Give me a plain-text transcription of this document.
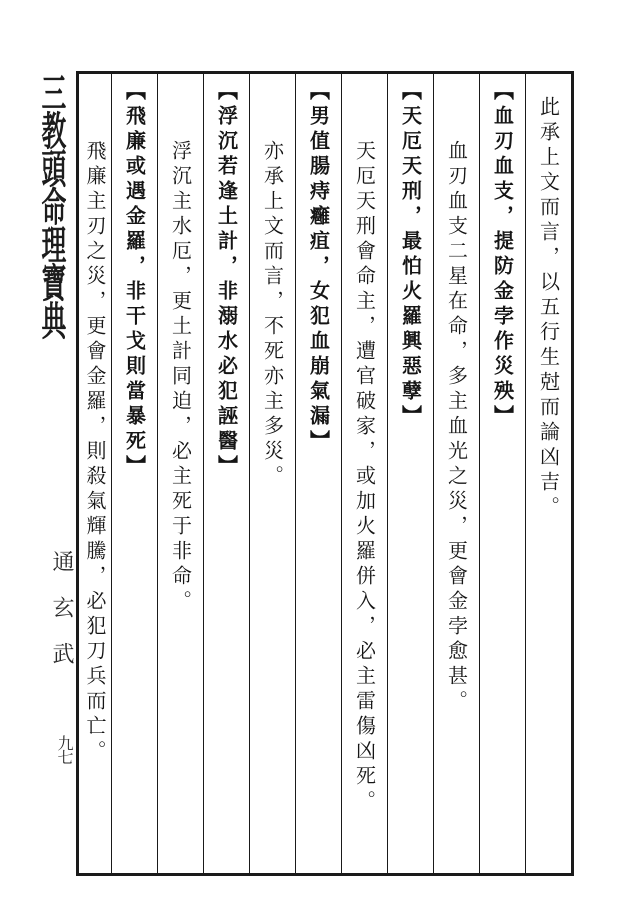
三教頭命理寶典
通玄武
九七
此承上文而言，以五行生尅而論凶吉。
【血刃血支，提防金孛作災殃】
血刃血支二星在命，多主血光之災，更會金孛愈甚。
【天厄天刑，最怕火羅興惡孽】
天厄天刑會命主，遭官破家，或加火羅併入，必主雷傷凶死。
【男值腸痔癰疽，女犯血崩氣漏】
亦承上文而言，不死亦主多災。
【浮沉若逢土計，非溺水必犯誣醫】
浮沉主水厄，更土計同迫，必主死于非命。
【飛廉或遇金羅，非干戈則當暴死】
飛廉主刃之災，更會金羅，則殺氣輝騰，必犯刀兵而亡。
